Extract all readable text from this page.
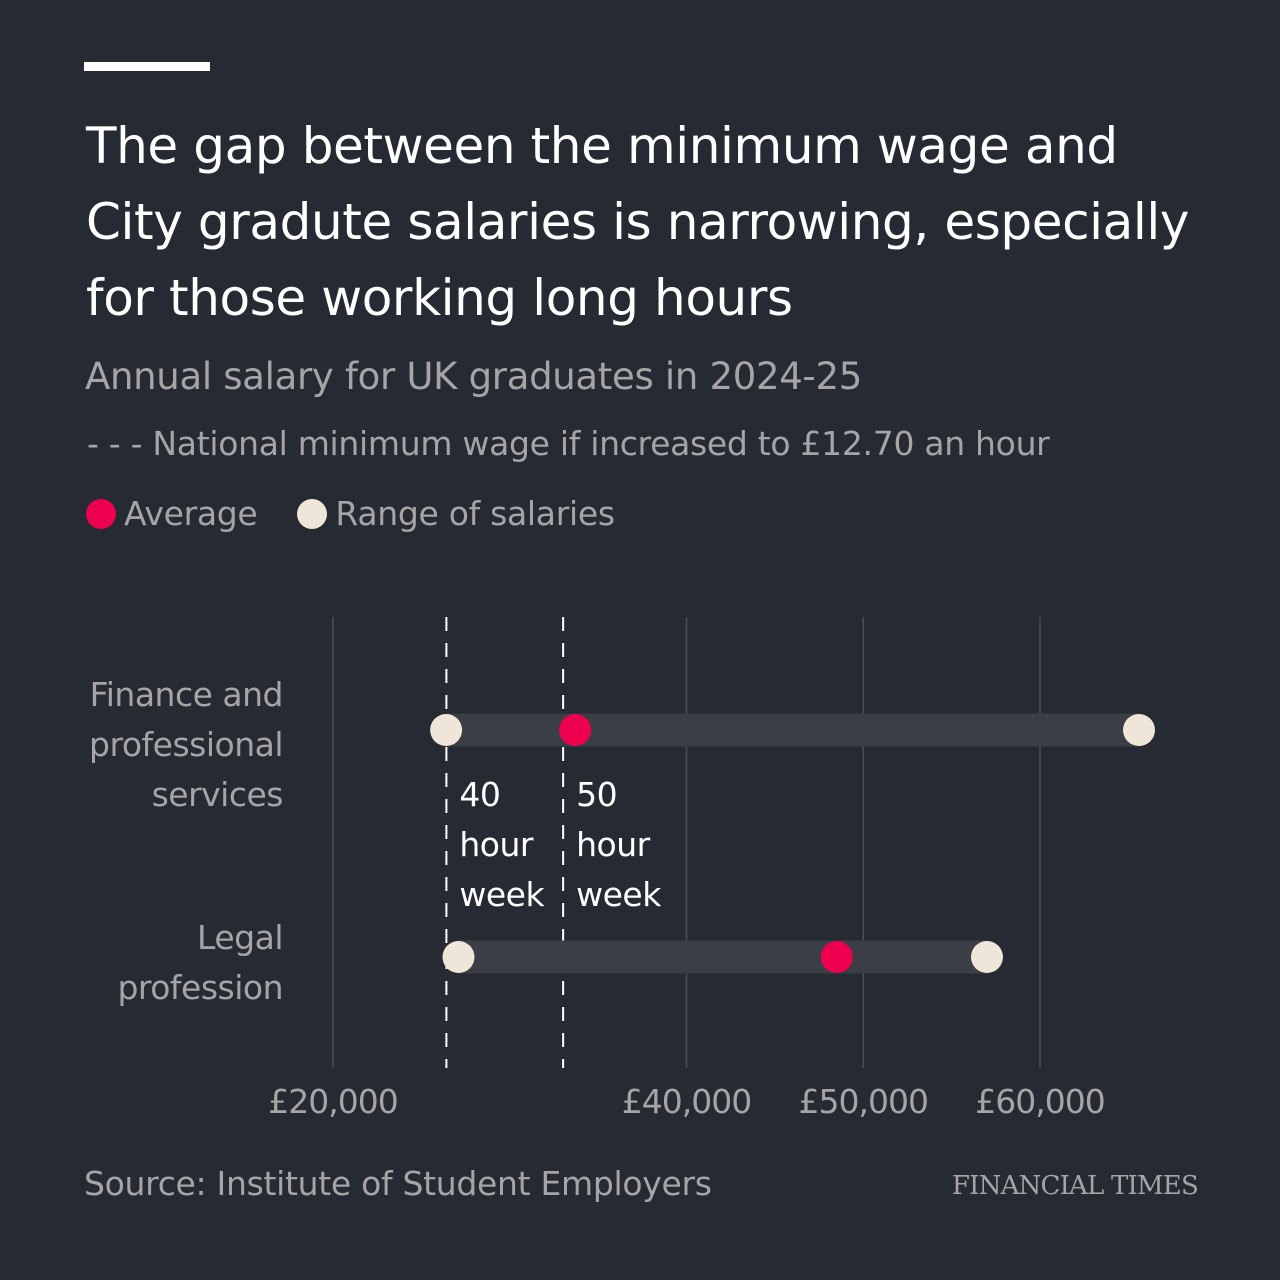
The gap between the minimum wage and City gradute salaries is narrowing, especially for those working long hours
Annual salary for UK graduates in 2024-25
- - - National minimum wage if increased to £12.70 an hour
Average Range of salaries
£20,000	£40,000 £50,000 £60,000
40
hour
week
50
hour
week
Finance and
professional
services
Legal
profession
Source: Institute of Student Employers	FINANCIAL TIMES
